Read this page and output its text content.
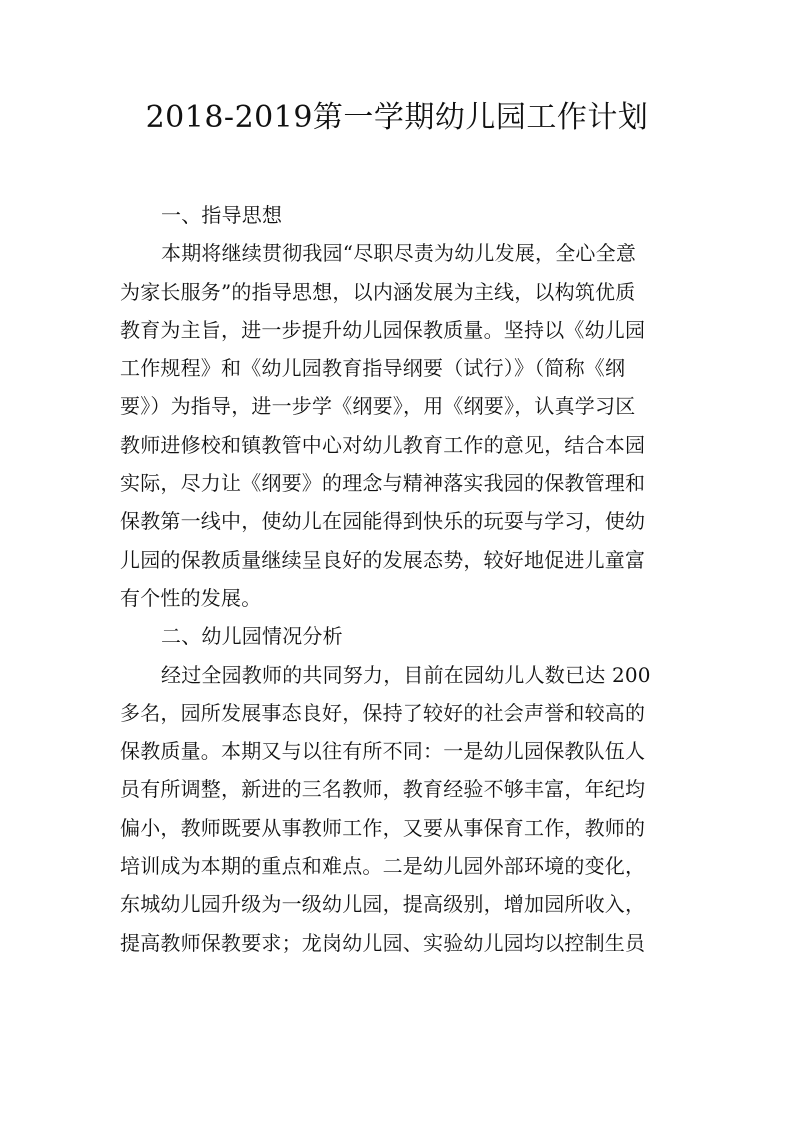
2018-2019第一学期幼儿园工作计划
一、指导思想
本期将继续贯彻我园“尽职尽责为幼儿发展，全心全意
为家长服务”的指导思想，以内涵发展为主线，以构筑优质
教育为主旨，进一步提升幼儿园保教质量。坚持以《幼儿园
工作规程》和《幼儿园教育指导纲要（试行）》（简称《纲
要》）为指导，进一步学《纲要》，用《纲要》，认真学习区
教师进修校和镇教管中心对幼儿教育工作的意见，结合本园
实际，尽力让《纲要》的理念与精神落实我园的保教管理和
保教第一线中，使幼儿在园能得到快乐的玩耍与学习，使幼
儿园的保教质量继续呈良好的发展态势，较好地促进儿童富
有个性的发展。
二、幼儿园情况分析
经过全园教师的共同努力，目前在园幼儿人数已达 200
多名，园所发展事态良好，保持了较好的社会声誉和较高的
保教质量。本期又与以往有所不同：一是幼儿园保教队伍人
员有所调整，新进的三名教师，教育经验不够丰富，年纪均
偏小，教师既要从事教师工作，又要从事保育工作，教师的
培训成为本期的重点和难点。二是幼儿园外部环境的变化，
东城幼儿园升级为一级幼儿园，提高级别，增加园所收入，
提高教师保教要求；龙岗幼儿园、实验幼儿园均以控制生员
